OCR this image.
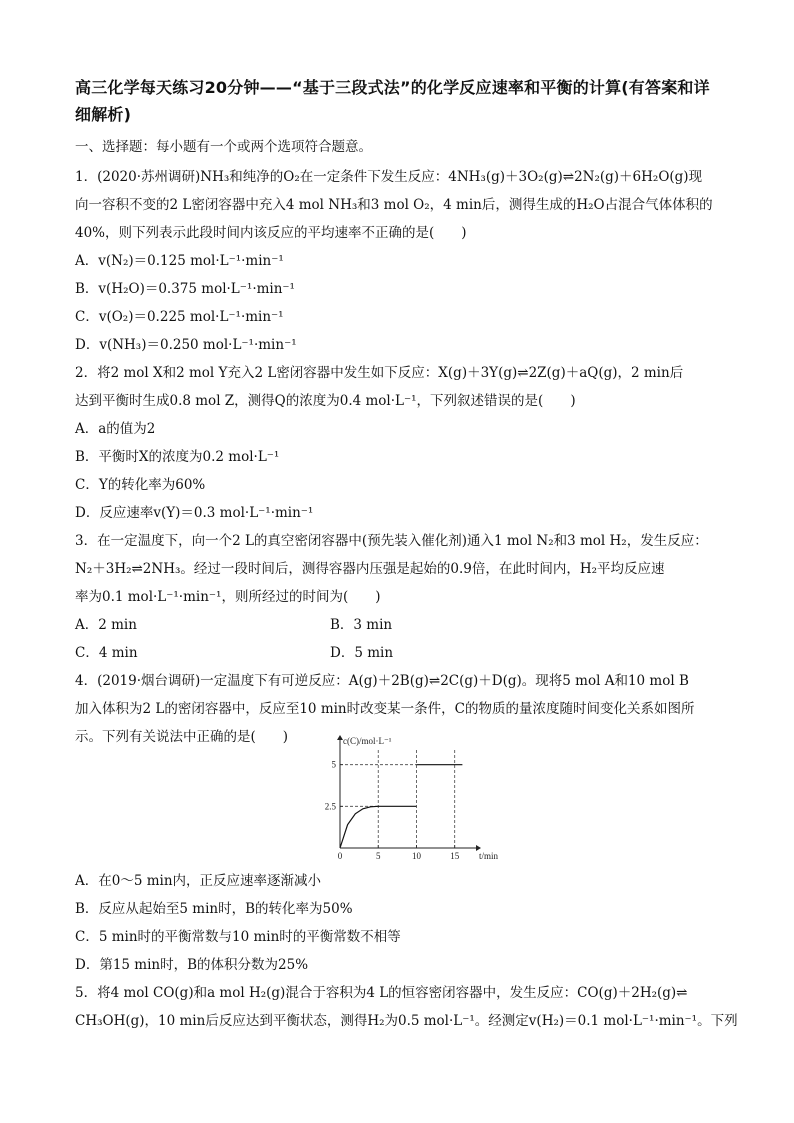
高三化学每天练习20分钟——“基于三段式法”的化学反应速率和平衡的计算(有答案和详细解析)
一、选择题：每小题有一个或两个选项符合题意。
1．(2020·苏州调研)NH₃和纯净的O₂在一定条件下发生反应：4NH₃(g)＋3O₂(g)⇌2N₂(g)＋6H₂O(g)现
向一容积不变的2 L密闭容器中充入4 mol NH₃和3 mol O₂，4 min后，测得生成的H₂O占混合气体体积的
40%，则下列表示此段时间内该反应的平均速率不正确的是(　　)
A．v(N₂)＝0.125 mol·L⁻¹·min⁻¹
B．v(H₂O)＝0.375 mol·L⁻¹·min⁻¹
C．v(O₂)＝0.225 mol·L⁻¹·min⁻¹
D．v(NH₃)＝0.250 mol·L⁻¹·min⁻¹
2．将2 mol X和2 mol Y充入2 L密闭容器中发生如下反应：X(g)＋3Y(g)⇌2Z(g)＋aQ(g)，2 min后
达到平衡时生成0.8 mol Z，测得Q的浓度为0.4 mol·L⁻¹，下列叙述错误的是(　　)
A．a的值为2
B．平衡时X的浓度为0.2 mol·L⁻¹
C．Y的转化率为60%
D．反应速率v(Y)＝0.3 mol·L⁻¹·min⁻¹
3．在一定温度下，向一个2 L的真空密闭容器中(预先装入催化剂)通入1 mol N₂和3 mol H₂，发生反应：
N₂＋3H₂⇌2NH₃。经过一段时间后，测得容器内压强是起始的0.9倍，在此时间内，H₂平均反应速
率为0.1 mol·L⁻¹·min⁻¹，则所经过的时间为(　　)
A．2 min	B．3 min
C．4 min	D．5 min
4．(2019·烟台调研)一定温度下有可逆反应：A(g)＋2B(g)⇌2C(g)＋D(g)。现将5 mol A和10 mol B
加入体积为2 L的密闭容器中，反应至10 min时改变某一条件，C的物质的量浓度随时间变化关系如图所
示。下列有关说法中正确的是(　　)
0	5	10	15
2.5
5
c(C)/mol·L⁻¹
t/min
A．在0～5 min内，正反应速率逐渐减小
B．反应从起始至5 min时，B的转化率为50%
C．5 min时的平衡常数与10 min时的平衡常数不相等
D．第15 min时，B的体积分数为25%
5．将4 mol CO(g)和a mol H₂(g)混合于容积为4 L的恒容密闭容器中，发生反应：CO(g)＋2H₂(g)⇌
CH₃OH(g)，10 min后反应达到平衡状态，测得H₂为0.5 mol·L⁻¹。经测定v(H₂)＝0.1 mol·L⁻¹·min⁻¹。下列
